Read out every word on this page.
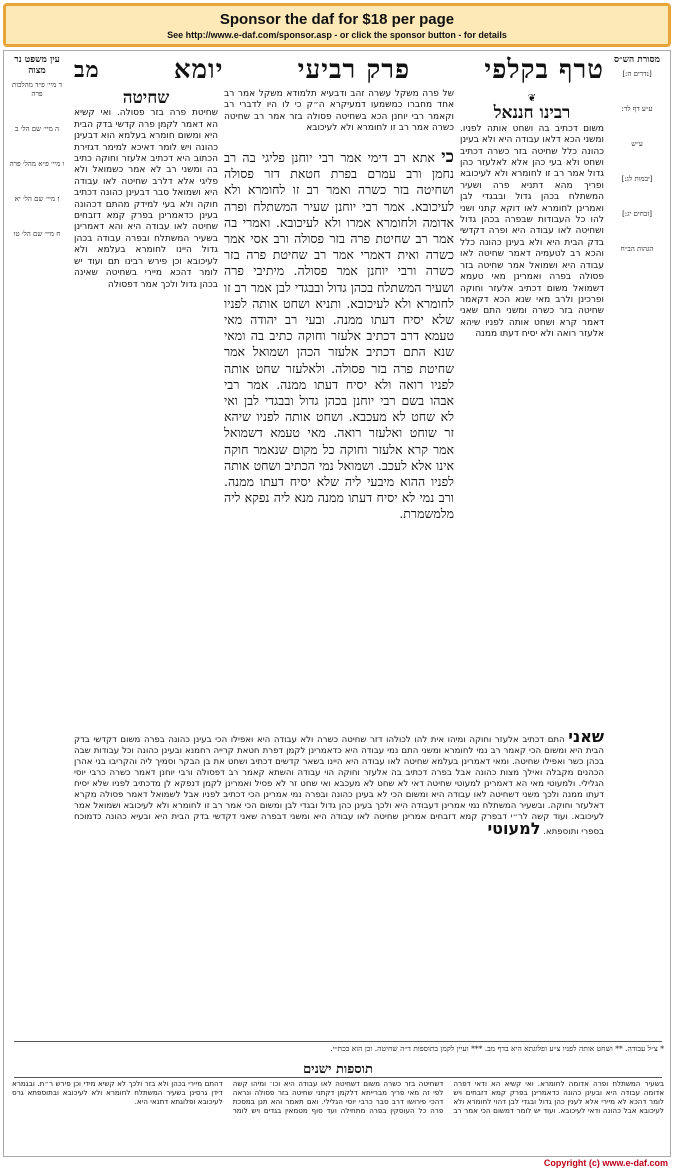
Sponsor the daf for $18 per page
See http://www.e-daf.com/sponsor.asp - or click the sponsor button - for details
טרף בקלפי
פרק רביעי
יומא
מב	מסורת הש״ס
[נדרים ה:]
ע״ע דף לד:
ע״ש
[יבמות לג:]
[זבחים יג:]
הגהות הב״ח
עין משפט נר מצוה
ד מיי׳ פ״ד מהלכות פרה
ה מיי׳ שם הל׳ ב
ו מיי׳ פ״א מהל׳ פרה
ז מיי׳ שם הל׳ יא
ח מיי׳ שם הל׳ טו
של פרה משקל עשרה זהב ודבעיא תלמודא משקל אמר רב אחד מחברו כמשמעו דמעיקרא ה״ק כי לו היו לדברי רב וקאמר רבי יוחנן הכא בשחיטה פסולה בזר אמר רב שחיטה כשרה אמר רב זו לחומרא ולא לעיכובא
❦
רבינו חננאל
משום דכתיב בה ושחט אותה לפניו. ומשני הכא דלאו עבודה היא ולא בעינן כהונה כלל שחיטה בזר כשרה דכתיב ושחט ולא בעי כהן אלא לאלעזר כהן גדול אמר רב זו לחומרא ולא לעיכובא ופריך מהא דתניא פרה ושעיר המשתלח בכהן גדול ובבגדי לבן ואמרינן לחומרא לאו דוקא קתני ושני להו כל העבודות שבפרה בכהן גדול ושחיטה לאו עבודה היא ופרה דקדשי בדק הבית היא ולא בעינן כהונה כלל והכא רב לטעמיה דאמר שחיטה לאו עבודה היא ושמואל אמר שחיטה בזר פסולה בפרה ואמרינן מאי טעמא דשמואל משום דכתיב אלעזר וחוקה ופרכינן ולרב מאי שנא הכא דקאמר שחיטה בזר כשרה ומשני התם שאני דאמר קרא ושחט אותה לפניו שיהא אלעזר רואה ולא יסיח דעתו ממנה
כי אתא רב דימי אמר רבי יוחנן פליגי בה רב נחמן ורב עמרם בפרת חטאת דזר פסולה ושחיטה בזר כשרה ואמר רב זו לחומרא ולא לעיכובא. אמר רבי יוחנן שעיר המשתלח ופרה אדומה ולחומרא אמרו ולא לעיכובא. ואמרי בה אמר רב שחיטת פרה בזר פסולה ורב אסי אמר כשרה ואית דאמרי אמר רב שחיטת פרה בזר כשרה ורבי יוחנן אמר פסולה. מיתיבי פרה ושעיר המשתלח בכהן גדול ובבגדי לבן אמר רב זו לחומרא ולא לעיכובא. ותניא ושחט אותה לפניו שלא יסיח דעתו ממנה. ובעי רב יהודה מאי טעמא דרב דכתיב אלעזר וחוקה כתיב בה ומאי שנא התם דכתיב אלעזר הכהן ושמואל אמר שחיטת פרה בזר פסולה. ולאלעזר שחט אותה לפניו רואה ולא יסיח דעתו ממנה. אמר רבי אבהו בשם רבי יוחנן בכהן גדול ובבגדי לבן ואי לא שחט לא מעכבא. ושחט אותה לפניו שיהא זר שוחט ואלעזר רואה. מאי טעמא דשמואל אמר קרא אלעזר וחוקה כל מקום שנאמר חוקה אינו אלא לעכב. ושמואל נמי הכתיב ושחט אותה לפניו ההוא מיבעי ליה שלא יסיח דעתו ממנה. ורב נמי לא יסיח דעתו ממנה מנא ליה נפקא ליה מלמשמרת.
שחיטה
שחיטת פרה בזר פסולה. ואי קשיא הא דאמר לקמן פרה קדשי בדק הבית היא ומשום חומרא בעלמא הוא דבעינן כהונה ויש לומר דאיכא למימר דגזירת הכתוב היא דכתיב אלעזר וחוקה כתיב בה ומשני רב לא אמר כשמואל ולא פליגי אלא דלרב שחיטה לאו עבודה היא ושמואל סבר דבעינן כהונה דכתיב חוקה ולא בעי למידק מהתם דכהונה בעינן כדאמרינן בפרק קמא דזבחים שחיטה לאו עבודה היא והא דאמרינן בשעיר המשתלח ובפרה עבודה בכהן גדול היינו לחומרא בעלמא ולא לעיכובא וכן פירש רבינו תם ועוד יש לומר דהכא מיירי בשחיטה שאינה בכהן גדול ולכך אמר דפסולה
שאני התם דכתיב אלעזר וחוקה ומיהו אית להו לכולהו דזר שחיטה כשרה ולא עבודה היא ואפילו הכי בעינן כהונה בפרה משום דקדשי בדק הבית היא ומשום הכי קאמר רב נמי לחומרא ומשני התם נמי עבודה היא כדאמרינן לקמן דפרת חטאת קרייה רחמנא ובעינן כהונה וכל עבודות שבה בכהן כשר ואפילו שחיטה. ומאי דאמרינן בעלמא שחיטה לאו עבודה היא היינו בשאר קדשים דכתיב ושחט את בן הבקר וסמיך ליה והקריבו בני אהרן הכהנים מקבלה ואילך מצות כהונה אבל בפרה דכתיב בה אלעזר וחוקה הוי עבודה והשתא קאמר רב דפסולה ורבי יוחנן דאמר כשרה כרבי יוסי הגלילי. ולמעוטי מאי הא דאמרינן למעוטי שחיטה דאי לא שחט לא מעכבא ואי שחט זר לא פסיל ואמרינן לקמן דנפקא לן מדכתיב לפניו שלא יסיח דעתו ממנה ולכך משני דשחיטה לאו עבודה היא ומשום הכי לא בעינן כהונה ובפרה נמי אמרינן הכי דכתיב לפניו אבל לשמואל דאמר פסולה מקרא דאלעזר וחוקה. ובשעיר המשתלח נמי אמרינן דעבודה היא ולכך בעינן כהן גדול ובגדי לבן ומשום הכי אמר רב זו לחומרא ולא לעיכובא ושמואל אמר לעיכובא. ועוד קשה לר״י דבפרק קמא דזבחים אמרינן שחיטה לאו עבודה היא ומשני דבפרה שאני דקדשי בדק הבית היא ובעיא כהונה כדמוכח בספרי ותוספתא. למעוטי
* צ״ל עבודה. ** ושחט אותה לפניו צ״ע ופלוגתא היא בדף מב. *** ועיין לקמן בתוספות ד״ה שחיטה. וכן הוא בכת״י.
תוספות ישנים
בשעיר המשתלח ופרה אדומה לחומרא. ואי קשיא הא ודאי דפרה אדומה עבודה היא ובעינן כהונה כדאמרינן בפרק קמא דזבחים ויש לומר דהכא לא מיירי אלא לענין כהן גדול ובגדי לבן דהוי לחומרא ולא לעיכובא אבל כהונה ודאי לעיכובא. ועוד יש לומר דמשום הכי אמר רב דשחיטה בזר כשרה משום דשחיטה לאו עבודה היא וכו׳ ומיהו קשה לפי זה מאי פריך מברייתא דלקמן דקתני שחיטה בזר פסולה ונראה דהכי פירושו דרב סבר כרבי יוסי הגלילי. ואם תאמר והא תנן במסכת פרה כל העוסקין בפרה מתחילה ועד סוף מטמאין בגדים ויש לומר דהתם מיירי בכהן ולא בזר ולכך לא קשיא מידי וכן פירש ר״ת. ובגמרא דידן גרסינן בשעיר המשתלח לחומרא ולא לעיכובא ובתוספתא גרס לעיכובא ופלוגתא דתנאי היא.
Copyright (c) www.e-daf.com
